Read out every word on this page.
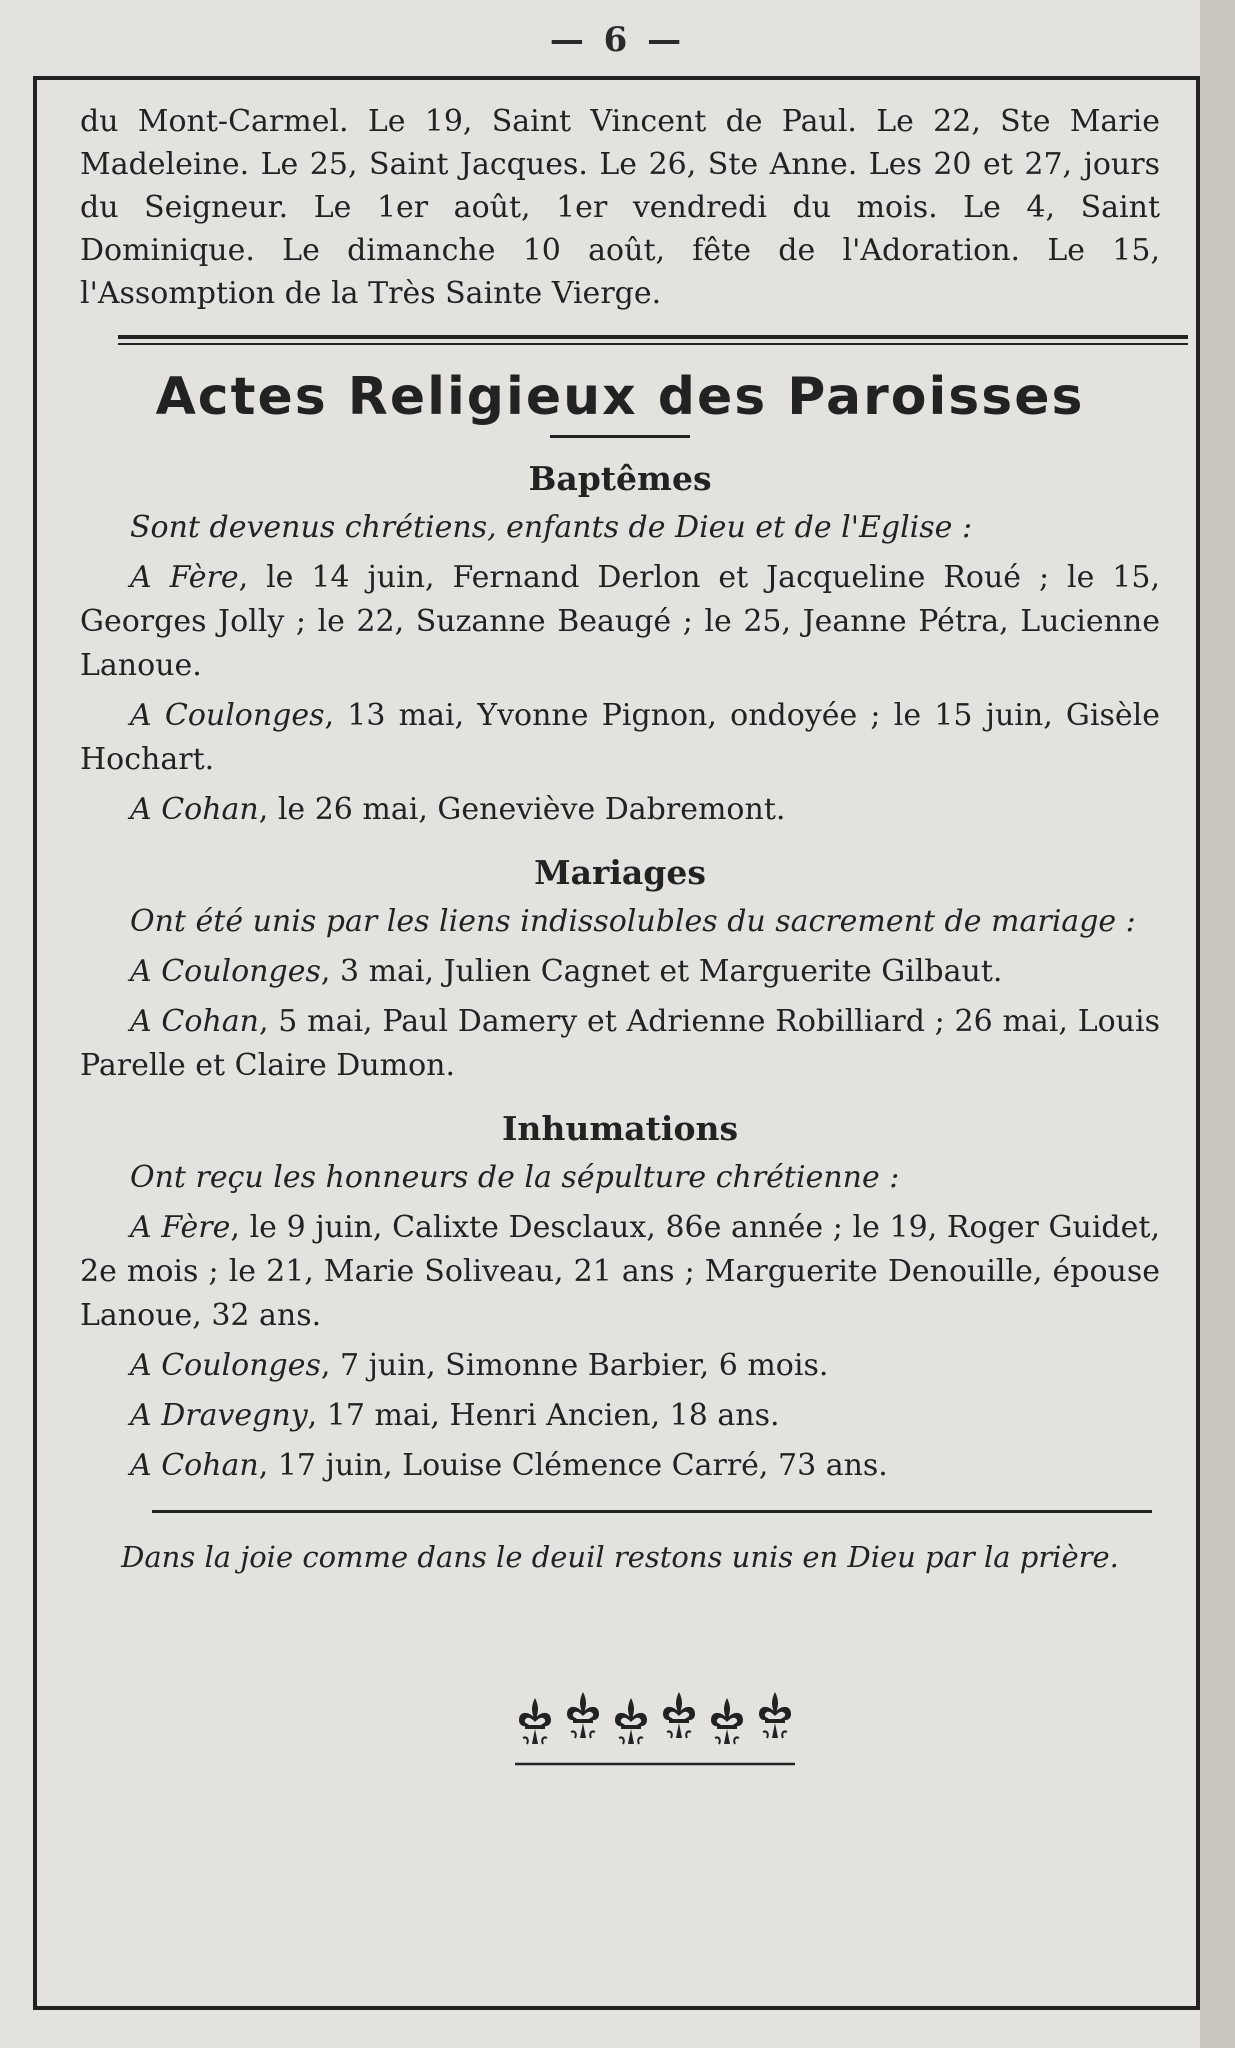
— 6 —

du Mont-Carmel. Le 19, Saint Vincent de Paul. Le 22, Ste Marie Madeleine. Le 25, Saint Jacques. Le 26, Ste Anne. Les 20 et 27, jours du Seigneur. Le 1er août, 1er vendredi du mois. Le 4, Saint Dominique. Le dimanche 10 août, fête de l'Adoration. Le 15, l'Assomption de la Très Sainte Vierge.

Actes Religieux des Paroisses
Baptêmes
Sont devenus chrétiens, enfants de Dieu et de l'Eglise :

A Fère, le 14 juin, Fernand Derlon et Jacqueline Roué ; le 15, Georges Jolly ; le 22, Suzanne Beaugé ; le 25, Jeanne Pétra, Lucienne Lanoue.

A Coulonges, 13 mai, Yvonne Pignon, ondoyée ; le 15 juin, Gisèle Hochart.

A Cohan, le 26 mai, Geneviève Dabremont.

Mariages
Ont été unis par les liens indissolubles du sacrement de mariage :

A Coulonges, 3 mai, Julien Cagnet et Marguerite Gilbaut.

A Cohan, 5 mai, Paul Damery et Adrienne Robilliard ; 26 mai, Louis Parelle et Claire Dumon.

Inhumations
Ont reçu les honneurs de la sépulture chrétienne :

A Fère, le 9 juin, Calixte Desclaux, 86e année ; le 19, Roger Guidet, 2e mois ; le 21, Marie Soliveau, 21 ans ; Marguerite Denouille, épouse Lanoue, 32 ans.

A Coulonges, 7 juin, Simonne Barbier, 6 mois.

A Dravegny, 17 mai, Henri Ancien, 18 ans.

A Cohan, 17 juin, Louise Clémence Carré, 73 ans.

Dans la joie comme dans le deuil restons unis en Dieu par la prière.
